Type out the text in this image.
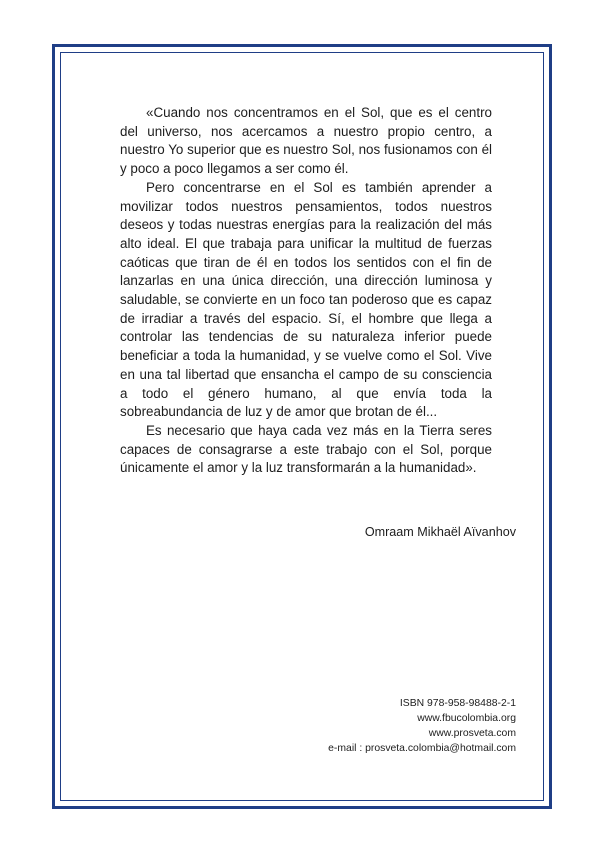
«Cuando nos concentramos en el Sol, que es el centro del universo, nos acercamos a nuestro propio centro, a nuestro Yo superior que es nuestro Sol, nos fusionamos con él y poco a poco llegamos a ser como él.

Pero concentrarse en el Sol es también aprender a movilizar todos nuestros pensamientos, todos nuestros deseos y todas nuestras energías para la realización del más alto ideal. El que trabaja para unificar la multitud de fuerzas caóticas que tiran de él en todos los sentidos con el fin de lanzarlas en una única dirección, una dirección luminosa y saludable, se convierte en un foco tan poderoso que es capaz de irradiar a través del espacio. Sí, el hombre que llega a controlar las tendencias de su naturaleza inferior puede beneficiar a toda la humanidad, y se vuelve como el Sol. Vive en una tal libertad que ensancha el campo de su consciencia a todo el género humano, al que envía toda la sobreabundancia de luz y de amor que brotan de él...

Es necesario que haya cada vez más en la Tierra seres capaces de consagrarse a este trabajo con el Sol, porque únicamente el amor y la luz transformarán a la humanidad».

Omraam Mikhaël Aïvanhov
ISBN 978-958-98488-2-1
www.fbucolombia.org
www.prosveta.com
e-mail : prosveta.colombia@hotmail.com
